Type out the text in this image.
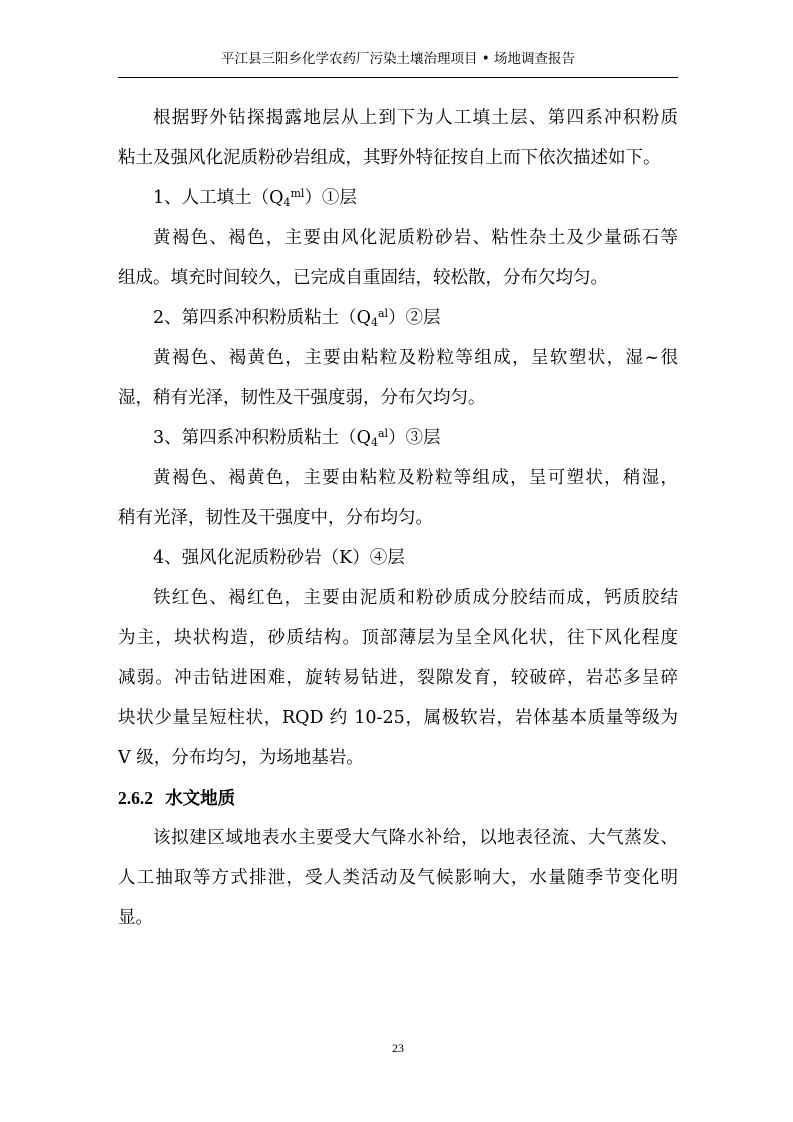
平江县三阳乡化学农药厂污染土壤治理项目 • 场地调查报告
根据野外钻探揭露地层从上到下为人工填土层、第四系冲积粉质
粘土及强风化泥质粉砂岩组成，其野外特征按自上而下依次描述如下。
1、人工填土$(Q_4^{ml})①$层
黄褐色、褐色，主要由风化泥质粉砂岩、粘性杂土及少量砾石等
组成。填充时间较久，已完成自重固结，较松散，分布欠均匀。
2、第四系冲积粉质粘土$(Q_4^{al})②$层
黄褐色、褐黄色，主要由粘粒及粉粒等组成，呈软塑状，湿~很
湿，稍有光泽，韧性及干强度弱，分布欠均匀。
3、第四系冲积粉质粘土$(Q_4^{al})③$层
黄褐色、褐黄色，主要由粘粒及粉粒等组成，呈可塑状，稍湿，
稍有光泽，韧性及干强度中，分布均匀。
4、强风化泥质粉砂岩（K）④层
铁红色、褐红色，主要由泥质和粉砂质成分胶结而成，钙质胶结
为主，块状构造，砂质结构。顶部薄层为呈全风化状，往下风化程度
减弱。冲击钻进困难，旋转易钻进，裂隙发育，较破碎，岩芯多呈碎
块状少量呈短柱状，RQD 约 10-25，属极软岩，岩体基本质量等级为
V 级，分布均匀，为场地基岩。
2.6.2 水文地质
该拟建区域地表水主要受大气降水补给，以地表径流、大气蒸发、
人工抽取等方式排泄，受人类活动及气候影响大，水量随季节变化明
显。
23
